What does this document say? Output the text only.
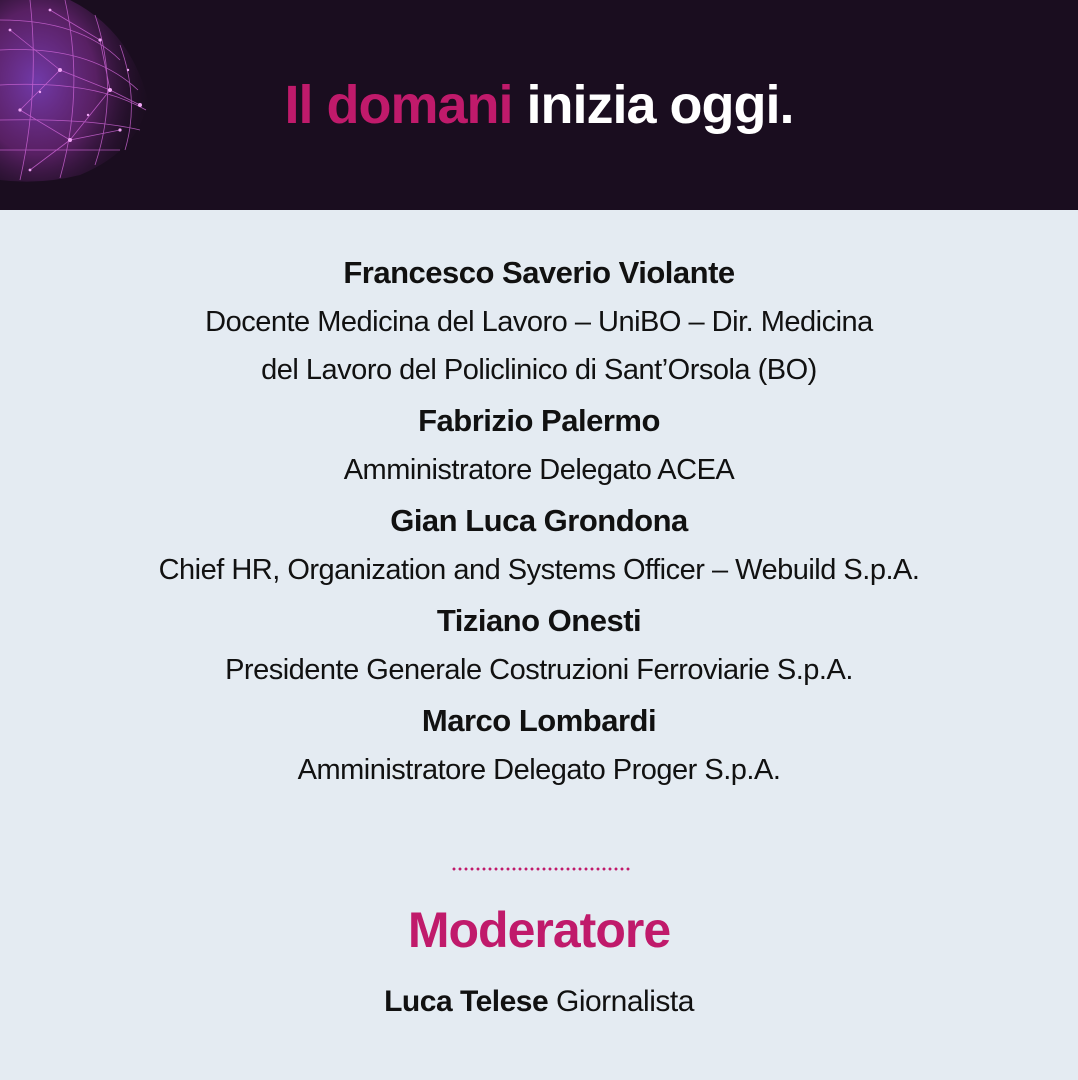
Il domani inizia oggi.
Francesco Saverio Violante
Docente Medicina del Lavoro – UniBO – Dir. Medicina
del Lavoro del Policlinico di Sant’Orsola (BO)
Fabrizio Palermo
Amministratore Delegato ACEA
Gian Luca Grondona
Chief HR, Organization and Systems Officer – Webuild S.p.A.
Tiziano Onesti
Presidente Generale Costruzioni Ferroviarie S.p.A.
Marco Lombardi
Amministratore Delegato Proger S.p.A.
Moderatore
Luca Telese Giornalista
